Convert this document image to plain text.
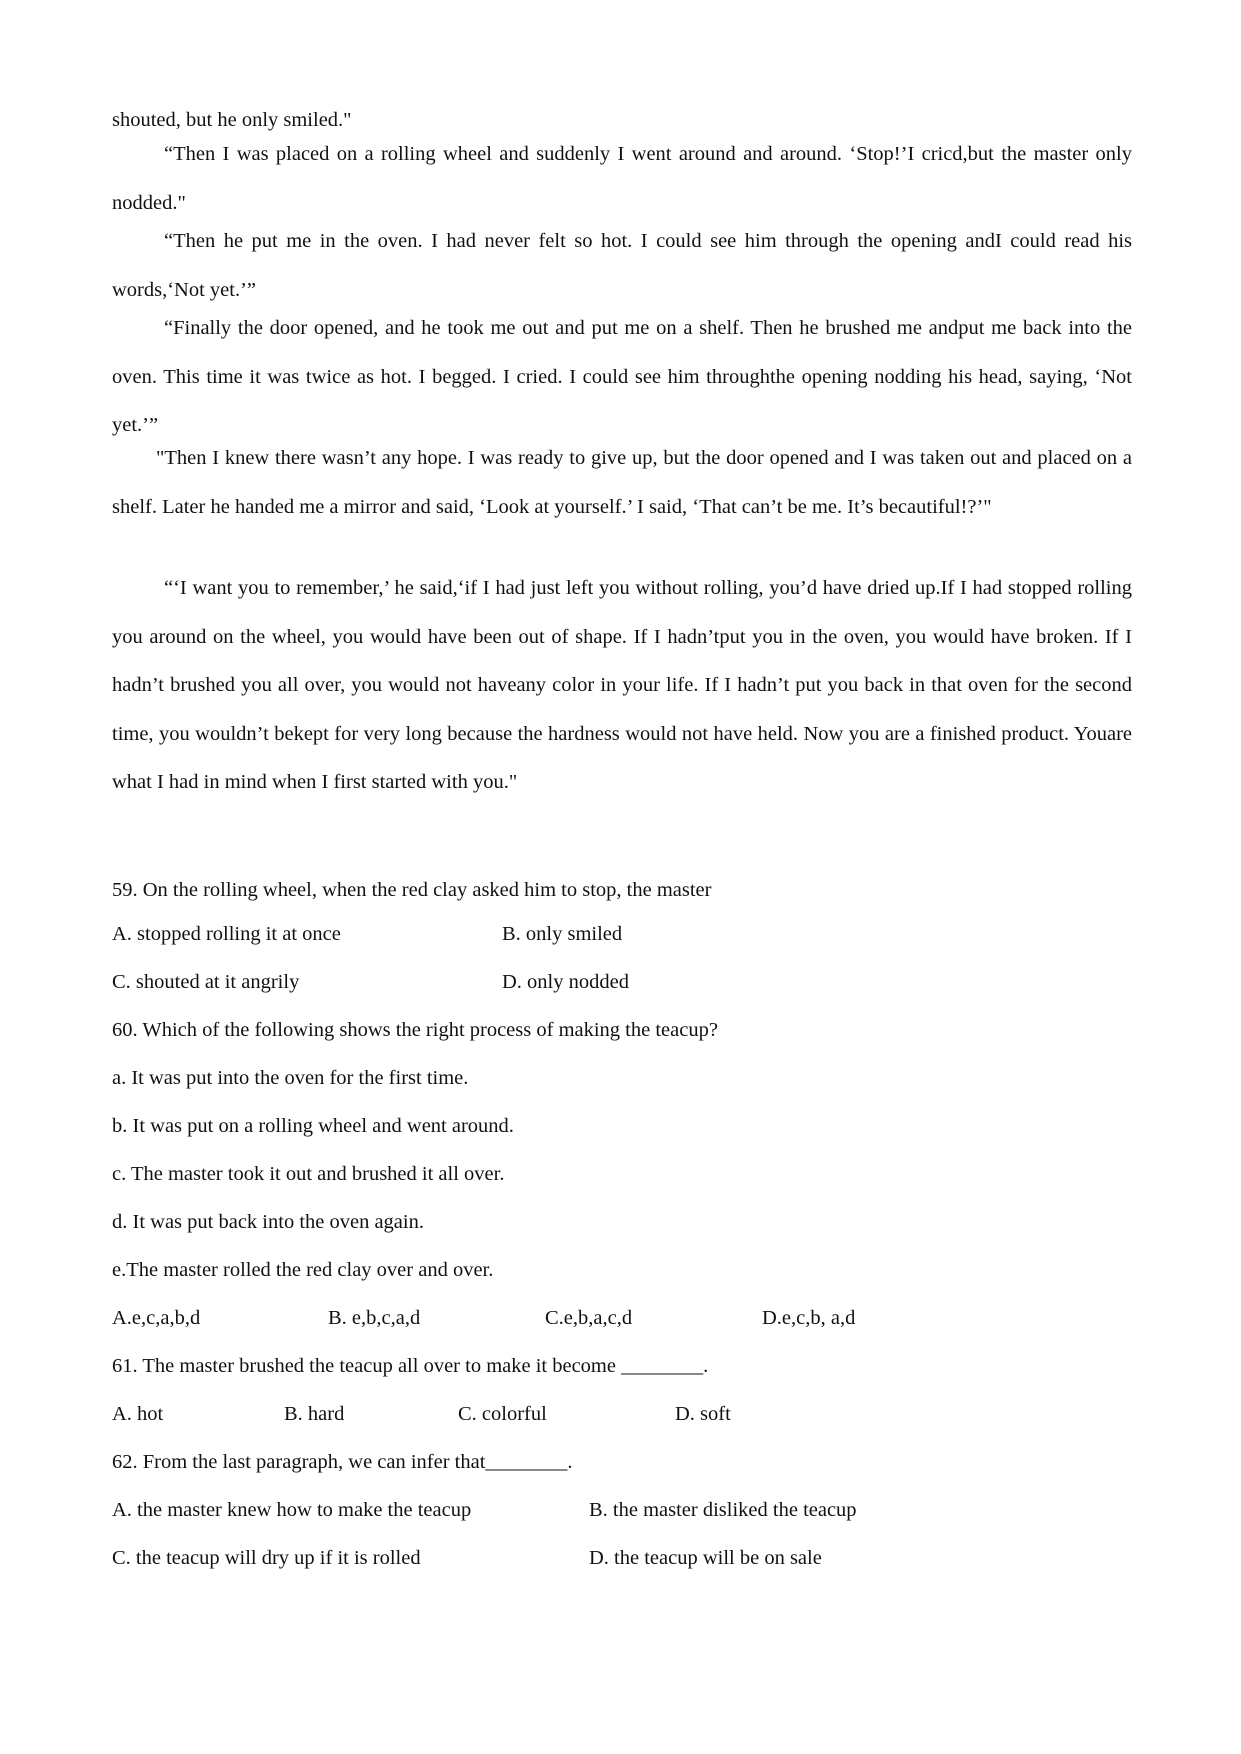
shouted, but he only smiled."

“Then I was placed on a rolling wheel and suddenly I went around and around. ‘Stop!’I cricd,but the master only nodded."

“Then he put me in the oven. I had never felt so hot. I could see him through the opening andI could read his words,‘Not yet.’”

“Finally the door opened, and he took me out and put me on a shelf. Then he brushed me andput me back into the oven. This time it was twice as hot. I begged. I cried. I could see him throughthe opening nodding his head, saying, ‘Not yet.’”

"Then I knew there wasn’t any hope. I was ready to give up, but the door opened and I was taken out and placed on a shelf. Later he handed me a mirror and said, ‘Look at yourself.’ I said, ‘That can’t be me. It’s becautiful!?’"

“‘I want you to remember,’ he said,‘if I had just left you without rolling, you’d have dried up.If I had stopped rolling you around on the wheel, you would have been out of shape. If I hadn’tput you in the oven, you would have broken. If I hadn’t brushed you all over, you would not haveany color in your life. If I hadn’t put you back in that oven for the second time, you wouldn’t bekept for very long because the hardness would not have held. Now you are a finished product. Youare what I had in mind when I first started with you."

59. On the rolling wheel, when the red clay asked him to stop, the master

A. stopped rolling it at once	B. only smiled

C. shouted at it angrily	D. only nodded

60. Which of the following shows the right process of making the teacup?

a. It was put into the oven for the first time.

b. It was put on a rolling wheel and went around.

c. The master took it out and brushed it all over.

d. It was put back into the oven again.

e.The master rolled the red clay over and over.

A.e,c,a,b,d	B. e,b,c,a,d	C.e,b,a,c,d	D.e,c,b, a,d

61. The master brushed the teacup all over to make it become ________.

A. hot	B. hard	C. colorful	D. soft

62. From the last paragraph, we can infer that________.

A. the master knew how to make the teacup	B. the master disliked the teacup

C. the teacup will dry up if it is rolled	D. the teacup will be on sale
